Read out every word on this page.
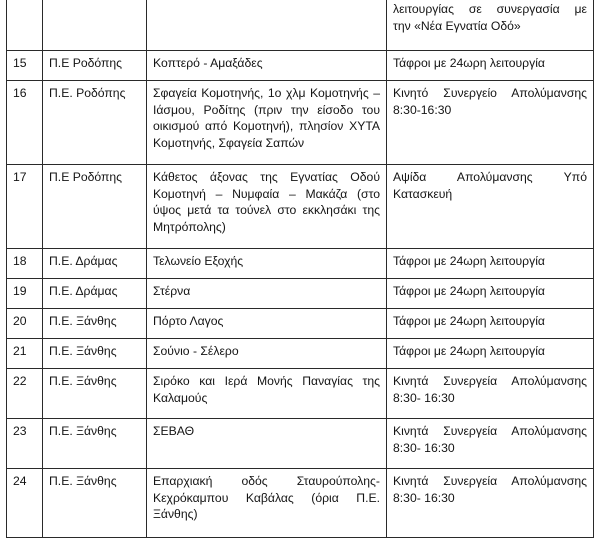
			λειτουργίας σε συνεργασία με
την «Νέα Εγνατία Οδό»

15	Π.Ε Ροδόπης	Κοπτερό - Αμαξάδες	Τάφροι με 24ωρη λειτουργία

16	Π.Ε. Ροδόπης	Σφαγεία Κομοτηνής, 1ο χλμ Κομοτηνής –
Ιάσμου, Ροδίτης (πριν την είσοδο του
οικισμού από Κομοτηνή), πλησίον ΧΥΤΑ
Κομοτηνής, Σφαγεία Σαπών	Κινητό Συνεργείο Απολύμανσης
8:30-16:30

17	Π.Ε Ροδόπης	Κάθετος άξονας της Εγνατίας Οδού
Κομοτηνή – Νυμφαία – Μακάζα (στο
ύψος μετά τα τούνελ στο εκκλησάκι της
Μητρόπολης)	Αψίδα Απολύμανσης Υπό
Κατασκευή

18	Π.Ε. Δράμας	Τελωνείο Εξοχής	Τάφροι με 24ωρη λειτουργία

19	Π.Ε. Δράμας	Στέρνα	Τάφροι με 24ωρη λειτουργία

20	Π.Ε. Ξάνθης	Πόρτο Λαγος	Τάφροι με 24ωρη λειτουργία

21	Π.Ε. Ξάνθης	Σούνιο - Σέλερο	Τάφροι με 24ωρη λειτουργία

22	Π.Ε. Ξάνθης	Σιρόκο και Ιερά Μονής Παναγίας της
Καλαμούς	Κινητά Συνεργεία Απολύμανσης
8:30- 16:30

23	Π.Ε. Ξάνθης	ΣΕΒΑΘ	Κινητά Συνεργεία Απολύμανσης
8:30- 16:30

24	Π.Ε. Ξάνθης	Επαρχιακή οδός Σταυρούπολης-
Κεχρόκαμπου Καβάλας (όρια Π.Ε.
Ξάνθης)	Κινητά Συνεργεία Απολύμανσης
8:30- 16:30
